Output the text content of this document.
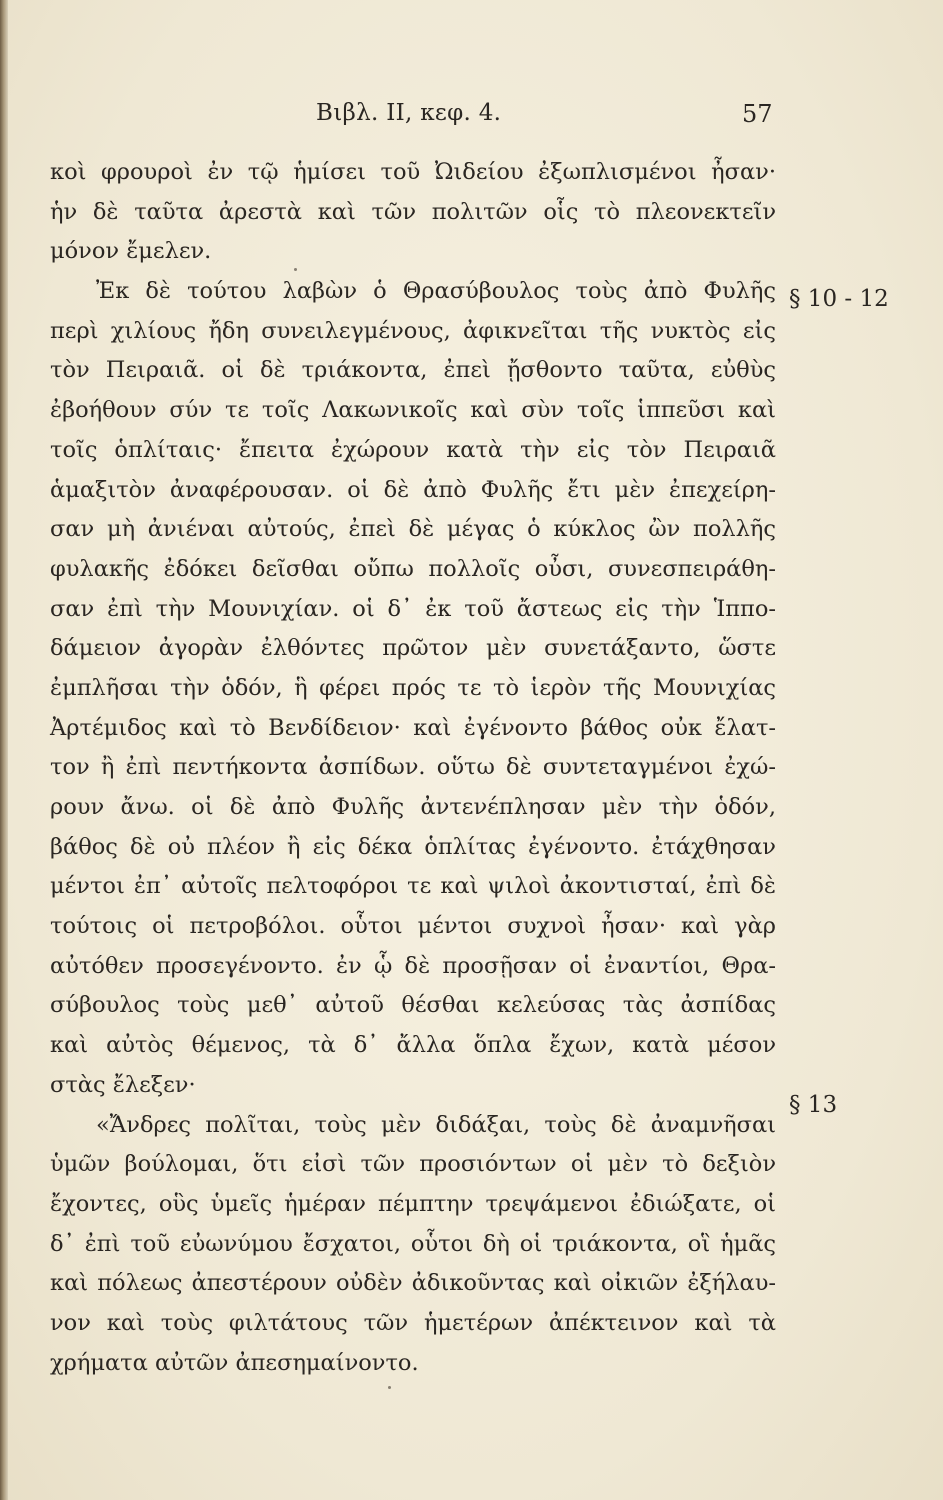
Βιβλ. II, κεφ. 4.	57
κοὶ φρουροὶ ἐν τῷ ἡμίσει τοῦ Ὠιδείου ἐξωπλισμένοι ἦσαν·
ἡν δὲ ταῦτα ἀρεστὰ καὶ τῶν πολιτῶν οἷς τὸ πλεονεκτεῖν
μόνον ἔμελεν.
Ἐκ δὲ τούτου λαβὼν ὁ Θρασύβουλος τοὺς ἀπὸ Φυλῆς
περὶ χιλίους ἤδη συνειλεγμένους, ἀφικνεῖται τῆς νυκτὸς εἰς
τὸν Πειραιᾶ. οἱ δὲ τριάκοντα, ἐπεὶ ᾔσθοντο ταῦτα, εὐθὺς
ἐβοήθουν σύν τε τοῖς Λακωνικοῖς καὶ σὺν τοῖς ἱππεῦσι καὶ
τοῖς ὁπλίταις· ἔπειτα ἐχώρουν κατὰ τὴν εἰς τὸν Πειραιᾶ
ἁμαξιτὸν ἀναφέρουσαν. οἱ δὲ ἀπὸ Φυλῆς ἔτι μὲν ἐπεχείρη-
σαν μὴ ἀνιέναι αὐτούς, ἐπεὶ δὲ μέγας ὁ κύκλος ὢν πολλῆς
φυλακῆς ἐδόκει δεῖσθαι οὔπω πολλοῖς οὖσι, συνεσπειράθη-
σαν ἐπὶ τὴν Μουνιχίαν. οἱ δ᾽ ἐκ τοῦ ἄστεως εἰς τὴν Ἱππο-
δάμειον ἀγορὰν ἐλθόντες πρῶτον μὲν συνετάξαντο, ὥστε
ἐμπλῆσαι τὴν ὁδόν, ἣ φέρει πρός τε τὸ ἱερὸν τῆς Μουνιχίας
Ἀρτέμιδος καὶ τὸ Βενδίδειον· καὶ ἐγένοντο βάθος οὐκ ἔλατ-
τον ἢ ἐπὶ πεντήκοντα ἀσπίδων. οὕτω δὲ συντεταγμένοι ἐχώ-
ρουν ἄνω. οἱ δὲ ἀπὸ Φυλῆς ἀντενέπλησαν μὲν τὴν ὁδόν,
βάθος δὲ οὐ πλέον ἢ εἰς δέκα ὁπλίτας ἐγένοντο. ἐτάχθησαν
μέντοι ἐπ᾽ αὐτοῖς πελτοφόροι τε καὶ ψιλοὶ ἀκοντισταί, ἐπὶ δὲ
τούτοις οἱ πετροβόλοι. οὗτοι μέντοι συχνοὶ ἦσαν· καὶ γὰρ
αὐτόθεν προσεγένοντο. ἐν ᾧ δὲ προσῇσαν οἱ ἐναντίοι, Θρα-
σύβουλος τοὺς μεθ᾽ αὐτοῦ θέσθαι κελεύσας τὰς ἀσπίδας
καὶ αὐτὸς θέμενος, τὰ δ᾽ ἄλλα ὅπλα ἔχων, κατὰ μέσον
στὰς ἔλεξεν·
«Ἄνδρες πολῖται, τοὺς μὲν διδάξαι, τοὺς δὲ ἀναμνῆσαι
ὑμῶν βούλομαι, ὅτι εἰσὶ τῶν προσιόντων οἱ μὲν τὸ δεξιὸν
ἔχοντες, οὓς ὑμεῖς ἡμέραν πέμπτην τρεψάμενοι ἐδιώξατε, οἱ
δ᾽ ἐπὶ τοῦ εὐωνύμου ἔσχατοι, οὗτοι δὴ οἱ τριάκοντα, οἳ ἡμᾶς
καὶ πόλεως ἀπεστέρουν οὐδὲν ἀδικοῦντας καὶ οἰκιῶν ἐξήλαυ-
νον καὶ τοὺς φιλτάτους τῶν ἡμετέρων ἀπέκτεινον καὶ τὰ
χρήματα αὐτῶν ἀπεσημαίνοντο.
§ 10 - 12
§ 13
